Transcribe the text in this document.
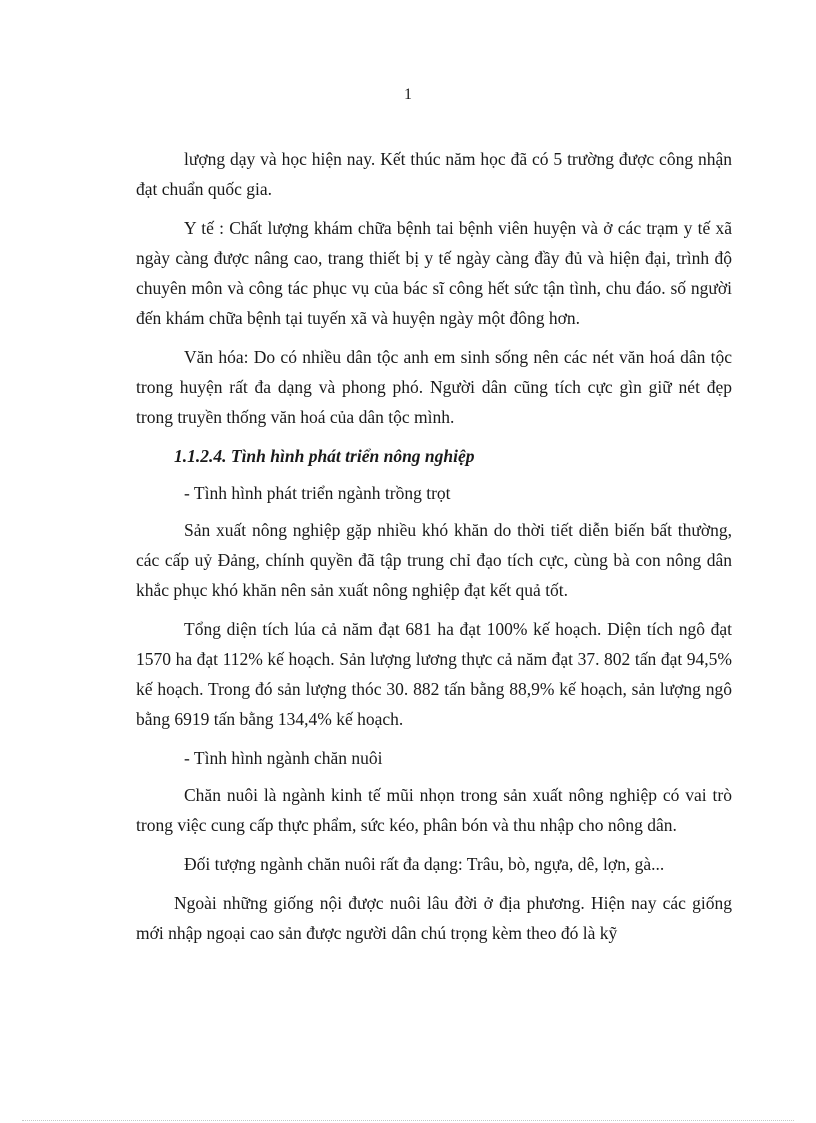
1

lượng dạy và học hiện nay. Kết thúc năm học đã có 5 trường được công nhận đạt chuẩn quốc gia.

Y tế : Chất lượng khám chữa bệnh tai bệnh viên huyện và ở các trạm y tế xã ngày càng được nâng cao, trang thiết bị y tế ngày càng đầy đủ và hiện đại, trình độ chuyên môn và công tác phục vụ của bác sĩ công hết sức tận tình, chu đáo. số người đến khám chữa bệnh tại tuyến xã và huyện ngày một đông hơn.

Văn hóa: Do có nhiều dân tộc anh em sinh sống nên các nét văn hoá dân tộc trong huyện rất đa dạng và phong phó. Người dân cũng tích cực gìn giữ nét đẹp trong truyền thống văn hoá của dân tộc mình.

1.1.2.4. Tình hình phát triển nông nghiệp

- Tình hình phát triển ngành trồng trọt

Sản xuất nông nghiệp gặp nhiều khó khăn do thời tiết diễn biến bất thường, các cấp uỷ Đảng, chính quyền đã tập trung chỉ đạo tích cực, cùng bà con nông dân khắc phục khó khăn nên sản xuất nông nghiệp đạt kết quả tốt.

Tổng diện tích lúa cả năm đạt 681 ha đạt 100% kế hoạch. Diện tích ngô đạt 1570 ha đạt 112% kế hoạch. Sản lượng lương thực cả năm đạt 37. 802 tấn đạt 94,5% kế hoạch. Trong đó sản lượng thóc 30. 882 tấn bằng 88,9% kế hoạch, sản lượng ngô bằng 6919 tấn bằng 134,4% kế hoạch.

- Tình hình ngành chăn nuôi

Chăn nuôi là ngành kinh tế mũi nhọn trong sản xuất nông nghiệp có vai trò trong việc cung cấp thực phẩm, sức kéo, phân bón và thu nhập cho nông dân.

Đối tượng ngành chăn nuôi rất đa dạng: Trâu, bò, ngựa, dê, lợn, gà...

Ngoài những giống nội được nuôi lâu đời ở địa phương. Hiện nay các giống mới nhập ngoại cao sản được người dân chú trọng kèm theo đó là kỹ
